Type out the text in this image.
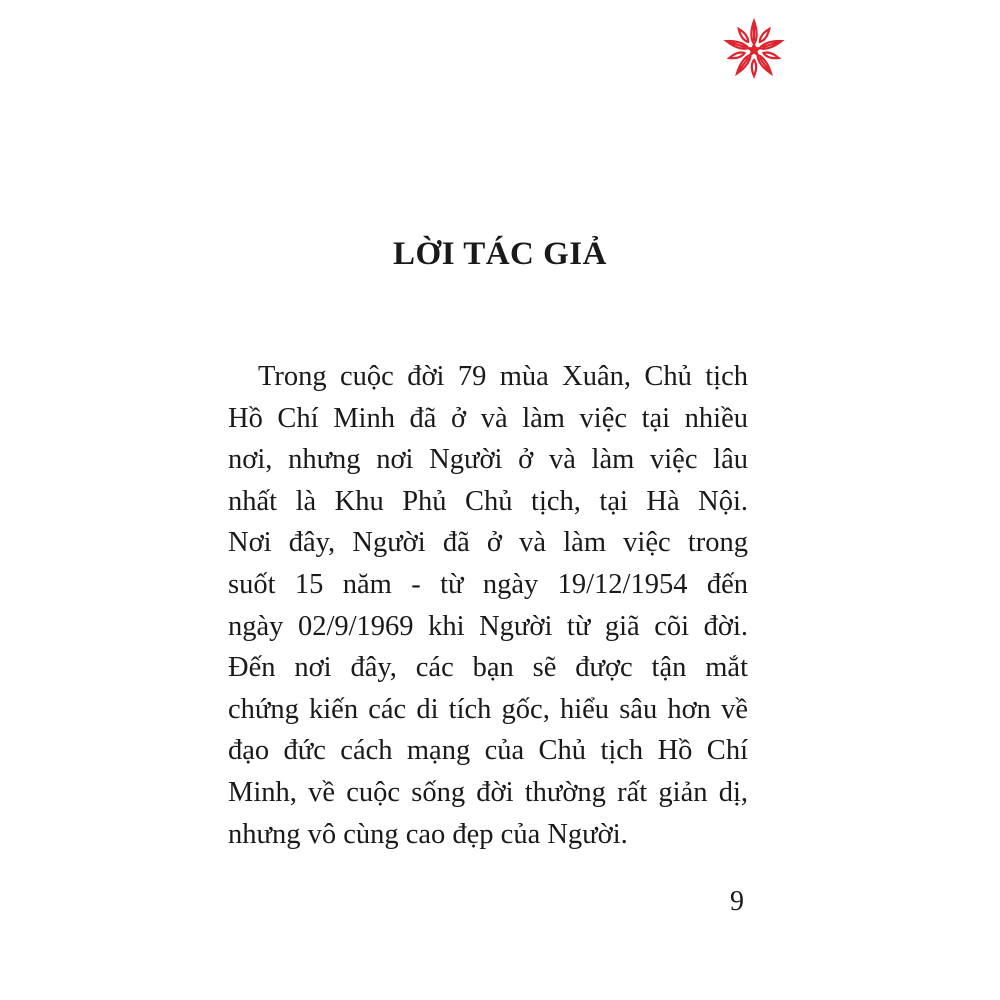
LỜI TÁC GIẢ
Trong cuộc đời 79 mùa Xuân, Chủ tịch
Hồ Chí Minh đã ở và làm việc tại nhiều
nơi, nhưng nơi Người ở và làm việc lâu
nhất là Khu Phủ Chủ tịch, tại Hà Nội.
Nơi đây, Người đã ở và làm việc trong
suốt 15 năm - từ ngày 19/12/1954 đến
ngày 02/9/1969 khi Người từ giã cõi đời.
Đến nơi đây, các bạn sẽ được tận mắt
chứng kiến các di tích gốc, hiểu sâu hơn về
đạo đức cách mạng của Chủ tịch Hồ Chí
Minh, về cuộc sống đời thường rất giản dị,
nhưng vô cùng cao đẹp của Người.
9
